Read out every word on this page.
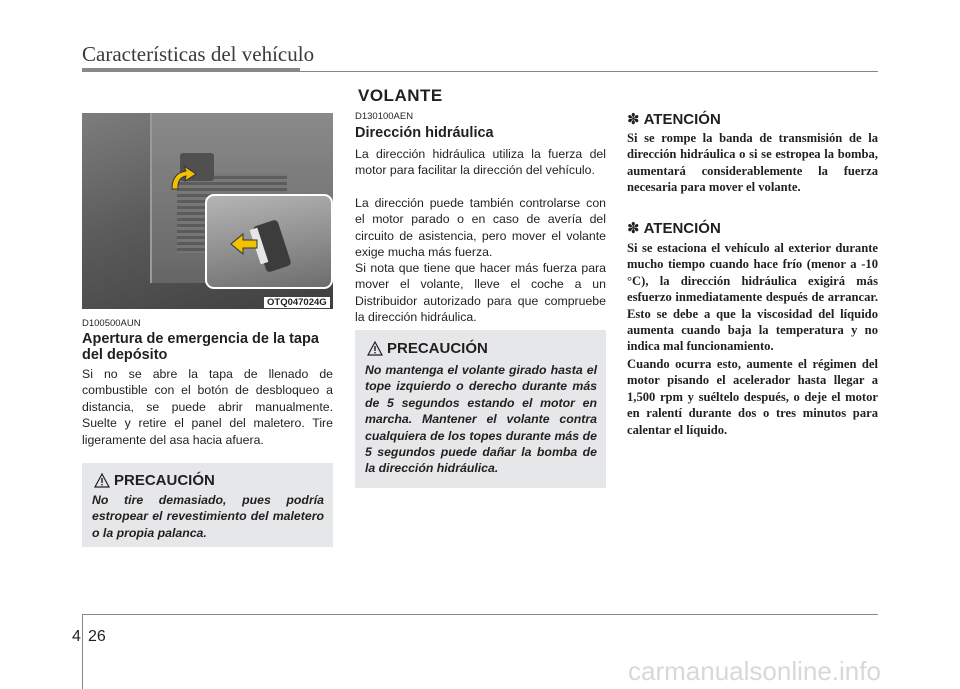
Características del vehículo
VOLANTE
OTQ047024G
D100500AUN
Apertura de emergencia de la tapa del depósito

Si no se abre la tapa de llenado de combustible con el botón de desbloqueo a distancia, se puede abrir manualmente. Suelte y retire el panel del maletero. Tire ligeramente del asa hacia afuera.

PRECAUCIÓN

No tire demasiado, pues podría estropear el revestimiento del maletero o la propia palanca.

D130100AEN
Dirección hidráulica

La dirección hidráulica utiliza la fuerza del motor para facilitar la dirección del vehículo.

La dirección puede también controlarse con el motor parado o en caso de avería del circuito de asistencia, pero mover el volante exige mucha más fuerza.

Si nota que tiene que hacer más fuerza para mover el volante, lleve el coche a un Distribuidor autorizado para que compruebe la dirección hidráulica.

PRECAUCIÓN

No mantenga el volante girado hasta el tope izquierdo o derecho durante más de 5 segundos estando el motor en marcha. Mantener el volante contra cualquiera de los topes durante más de 5 segundos puede dañar la bomba de la dirección hidráulica.

✽ ATENCIÓN

Si se rompe la banda de transmisión de la dirección hidráulica o si se estropea la bomba, aumentará considerablemente la fuerza necesaria para mover el volante.

✽ ATENCIÓN

Si se estaciona el vehículo al exterior durante mucho tiempo cuando hace frío (menor a -10 °C), la dirección hidráulica exigirá más esfuerzo inmediatamente después de arrancar. Esto se debe a que la viscosidad del líquido aumenta cuando baja la temperatura y no indica mal funcionamiento.

Cuando ocurra esto, aumente el régimen del motor pisando el acelerador hasta llegar a 1,500 rpm y suéltelo después, o deje el motor en ralentí durante dos o tres minutos para calentar el líquido.

4 26
carmanualsonline.info
